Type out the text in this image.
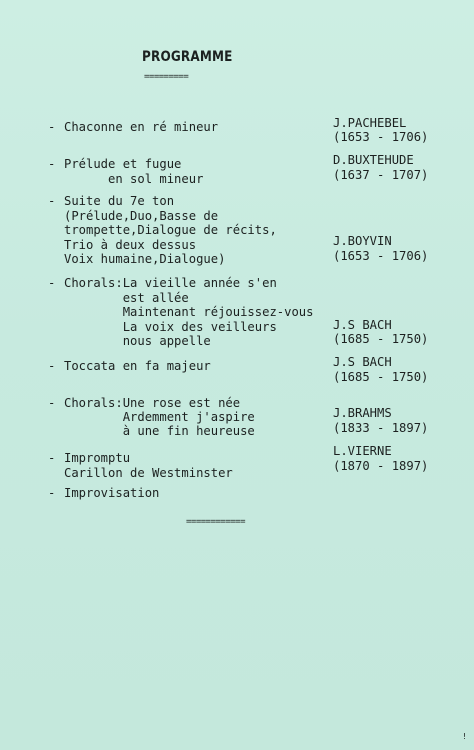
PROGRAMME
=========
- Chaconne en ré mineur	J.PACHEBEL
(1653 - 1706)
- Prélude et fugue
en sol mineur
D.BUXTEHUDE
(1637 - 1707)
- Suite du 7e ton
(Prélude,Duo,Basse de
trompette,Dialogue de récits,
Trio à deux dessus
Voix humaine,Dialogue)
J.BOYVIN
(1653 - 1706)
- Chorals:La vieille année s'en
est allée
Maintenant réjouissez-vous
La voix des veilleurs
nous appelle
J.S BACH
(1685 - 1750)
- Toccata en fa majeur	J.S BACH
(1685 - 1750)
- Chorals:Une rose est née
Ardemment j'aspire
à une fin heureuse
J.BRAHMS
(1833 - 1897)
- Impromptu
Carillon de Westminster
L.VIERNE
(1870 - 1897)
- Improvisation
============
!
